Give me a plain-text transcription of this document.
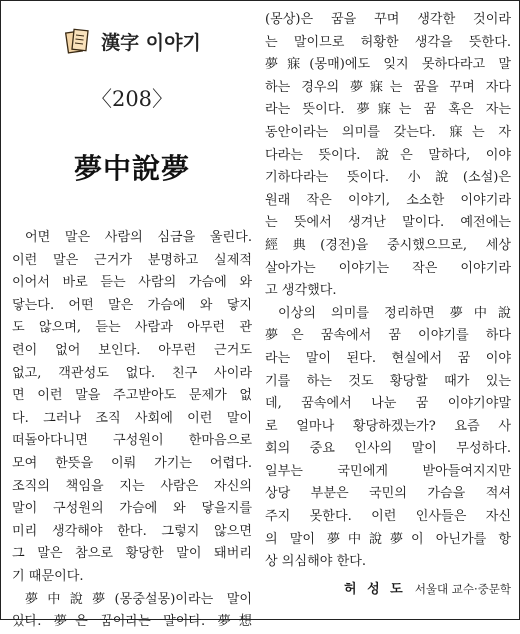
漢字 이야기
〈208〉
夢中說夢
어면 말은 사람의 심금을 울린다.
이런 말은 근거가 분명하고 실제적
이어서 바로 듣는 사람의 가슴에 와
닿는다. 어떤 말은 가슴에 와 닿지
도 않으며, 듣는 사람과 아무런 관
련이 없어 보인다. 아무런 근거도
없고, 객관성도 없다. 친구 사이라
면 이런 말을 주고받아도 문제가 없
다. 그러나 조직 사회에 이런 말이
떠돌아다니면 구성원이 한마음으로
모여 한뜻을 이뤄 가기는 어렵다.
조직의 책임을 지는 사람은 자신의
말이 구성원의 가슴에 와 닿을지를
미리 생각해야 한다. 그렇지 않으면
그 말은 참으로 황당한 말이 돼버리
기 때문이다.
夢中說夢(몽중설몽)이라는 말이
있다. 夢은 꿈이라는 말이다. 夢想
(몽상)은 꿈을 꾸며 생각한 것이라
는 말이므로 허황한 생각을 뜻한다.
夢寐(몽매)에도 잊지 못하다라고 말
하는 경우의 夢寐는 꿈을 꾸며 자다
라는 뜻이다. 夢寐는 꿈 혹은 자는
동안이라는 의미를 갖는다. 寐는 자
다라는 뜻이다. 說은 말하다, 이야
기하다라는 뜻이다. 小說(소설)은
원래 작은 이야기, 소소한 이야기라
는 뜻에서 생겨난 말이다. 예전에는
經典(경전)을 중시했으므로, 세상
살아가는 이야기는 작은 이야기라
고 생각했다.
이상의 의미를 정리하면 夢中說
夢은 꿈속에서 꿈 이야기를 하다
라는 말이 된다. 현실에서 꿈 이야
기를 하는 것도 황당할 때가 있는
데, 꿈속에서 나눈 꿈 이야기야말
로 얼마나 황당하겠는가? 요즘 사
회의 중요 인사의 말이 무성하다.
일부는 국민에게 받아들여지지만
상당 부분은 국민의 가슴을 적셔
주지 못한다. 이런 인사들은 자신
의 말이 夢中說夢이 아닌가를 항
상 의심해야 한다.
허 성 도 서울대 교수·중문학
